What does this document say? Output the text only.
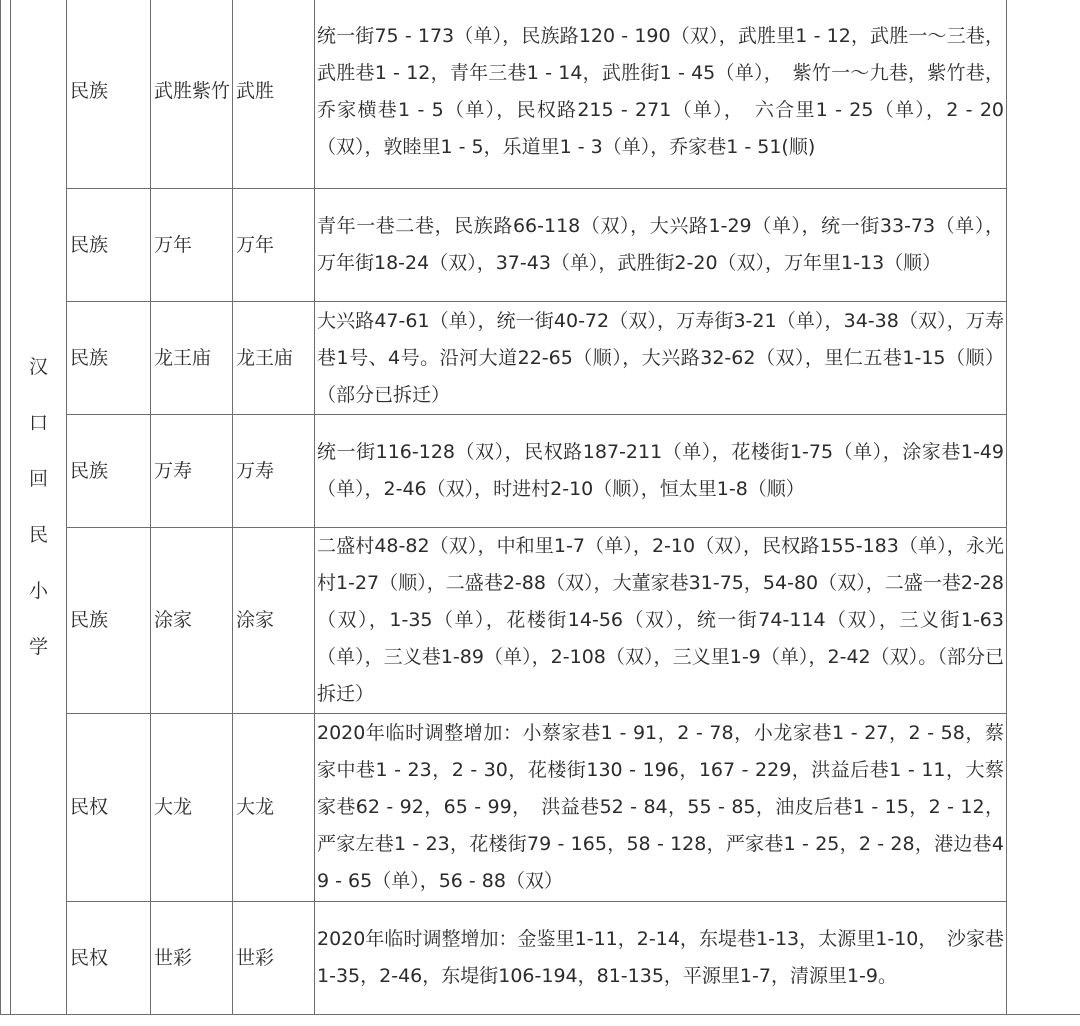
	汉口回民小学	民族	武胜紫竹	武胜	统一街75 - 173（单），民族路120 - 190（双），武胜里1 - 12，武胜一～三巷，武胜巷1 - 12，青年三巷1 - 14，武胜街1 - 45（单），　紫竹一～九巷，紫竹巷，乔家横巷1 - 5（单），民权路215 - 271（单），　六合里1 - 25（单），2 - 20（双），敦睦里1 - 5，乐道里1 - 3（单），乔家巷1 - 51(顺)	
		民族	万年	万年	青年一巷二巷，民族路66-118（双），大兴路1-29（单），统一街33-73（单），万年街18-24（双），37-43（单），武胜街2-20（双），万年里1-13（顺）	
		民族	龙王庙	龙王庙	大兴路47-61（单），统一街40-72（双），万寿街3-21（单），34-38（双），万寿巷1号、4号。沿河大道22-65（顺），大兴路32-62（双），里仁五巷1-15（顺）（部分已拆迁）	
		民族	万寿	万寿	统一街116-128（双），民权路187-211（单），花楼街1-75（单），涂家巷1-49（单），2-46（双），时进村2-10（顺），恒太里1-8（顺）	
		民族	涂家	涂家	二盛村48-82（双），中和里1-7（单），2-10（双），民权路155-183（单），永光村1-27（顺），二盛巷2-88（双），大董家巷31-75，54-80（双），二盛一巷2-28（双），1-35（单），花楼街14-56（双），统一街74-114（双），三义街1-63（单），三义巷1-89（单），2-108（双），三义里1-9（单），2-42（双）。（部分已拆迁）	
		民权	大龙	大龙	2020年临时调整增加：小蔡家巷1 - 91，2 - 78，小龙家巷1 - 27，2 - 58，蔡家中巷1 - 23，2 - 30，花楼街130 - 196，167 - 229，洪益后巷1 - 11，大蔡家巷62 - 92，65 - 99，　洪益巷52 - 84，55 - 85，油皮后巷1 - 15，2 - 12，严家左巷1 - 23，花楼街79 - 165，58 - 128，严家巷1 - 25，2 - 28，港边巷49 - 65（单），56 - 88（双）	
		民权	世彩	世彩	2020年临时调整增加：金鉴里1-11，2-14，东堤巷1-13，太源里1-10，　沙家巷1-35，2-46，东堤街106-194，81-135，平源里1-7，清源里1-9。	
